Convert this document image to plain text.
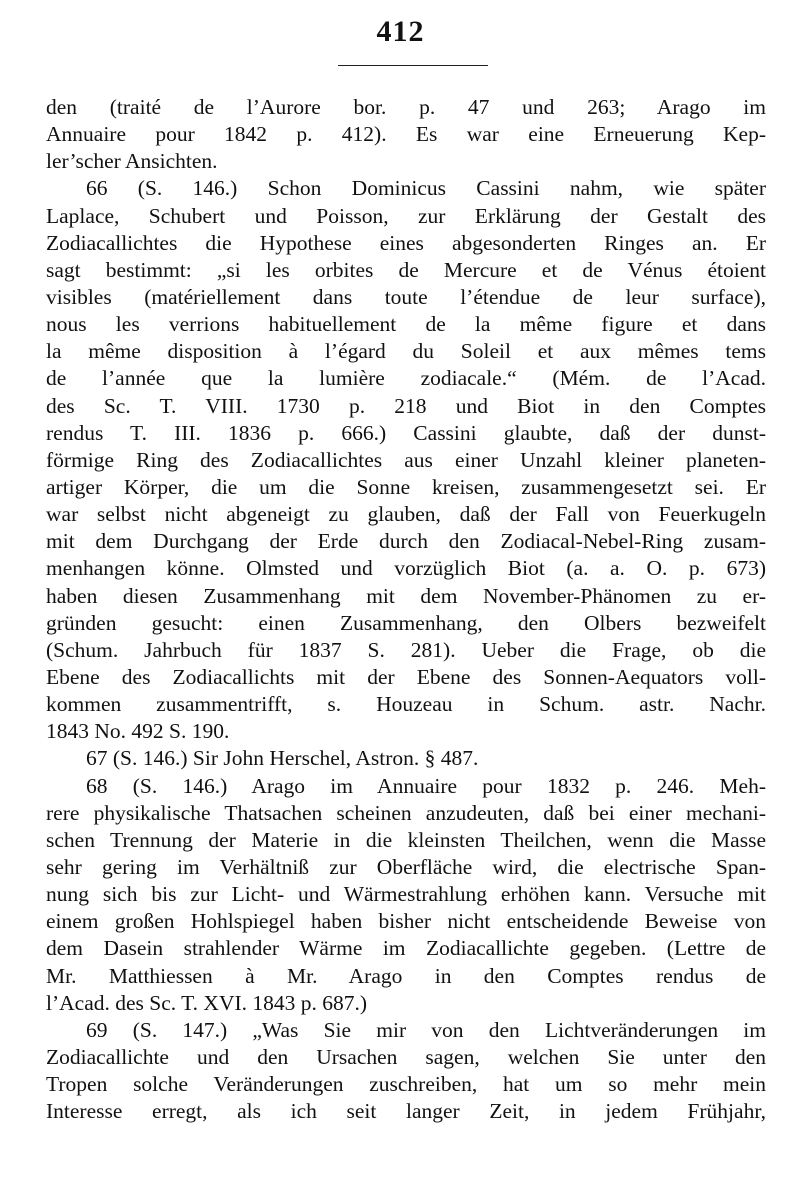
412
den (traité de l’Aurore bor. p. 47 und 263; Arago im
Annuaire pour 1842 p. 412). Es war eine Erneuerung Kep-
ler’scher Ansichten.
66 (S. 146.) Schon Dominicus Cassini nahm, wie später
Laplace, Schubert und Poisson, zur Erklärung der Gestalt des
Zodiacallichtes die Hypothese eines abgesonderten Ringes an. Er
sagt bestimmt: „si les orbites de Mercure et de Vénus étoient
visibles (matériellement dans toute l’étendue de leur surface),
nous les verrions habituellement de la même figure et dans
la même disposition à l’égard du Soleil et aux mêmes tems
de l’année que la lumière zodiacale.“ (Mém. de l’Acad.
des Sc. T. VIII. 1730 p. 218 und Biot in den Comptes
rendus T. III. 1836 p. 666.) Cassini glaubte, daß der dunst-
förmige Ring des Zodiacallichtes aus einer Unzahl kleiner planeten-
artiger Körper, die um die Sonne kreisen, zusammengesetzt sei. Er
war selbst nicht abgeneigt zu glauben, daß der Fall von Feuerkugeln
mit dem Durchgang der Erde durch den Zodiacal-Nebel-Ring zusam-
menhangen könne. Olmsted und vorzüglich Biot (a. a. O. p. 673)
haben diesen Zusammenhang mit dem November-Phänomen zu er-
gründen gesucht: einen Zusammenhang, den Olbers bezweifelt
(Schum. Jahrbuch für 1837 S. 281). Ueber die Frage, ob die
Ebene des Zodiacallichts mit der Ebene des Sonnen-Aequators voll-
kommen zusammentrifft, s. Houzeau in Schum. astr. Nachr.
1843 No. 492 S. 190.
67 (S. 146.) Sir John Herschel, Astron. § 487.
68 (S. 146.) Arago im Annuaire pour 1832 p. 246. Meh-
rere physikalische Thatsachen scheinen anzudeuten, daß bei einer mechani-
schen Trennung der Materie in die kleinsten Theilchen, wenn die Masse
sehr gering im Verhältniß zur Oberfläche wird, die electrische Span-
nung sich bis zur Licht- und Wärmestrahlung erhöhen kann. Versuche mit
einem großen Hohlspiegel haben bisher nicht entscheidende Beweise von
dem Dasein strahlender Wärme im Zodiacallichte gegeben. (Lettre de
Mr. Matthiessen à Mr. Arago in den Comptes rendus de
l’Acad. des Sc. T. XVI. 1843 p. 687.)
69 (S. 147.) „Was Sie mir von den Lichtveränderungen im
Zodiacallichte und den Ursachen sagen, welchen Sie unter den
Tropen solche Veränderungen zuschreiben, hat um so mehr mein
Interesse erregt, als ich seit langer Zeit, in jedem Frühjahr,
